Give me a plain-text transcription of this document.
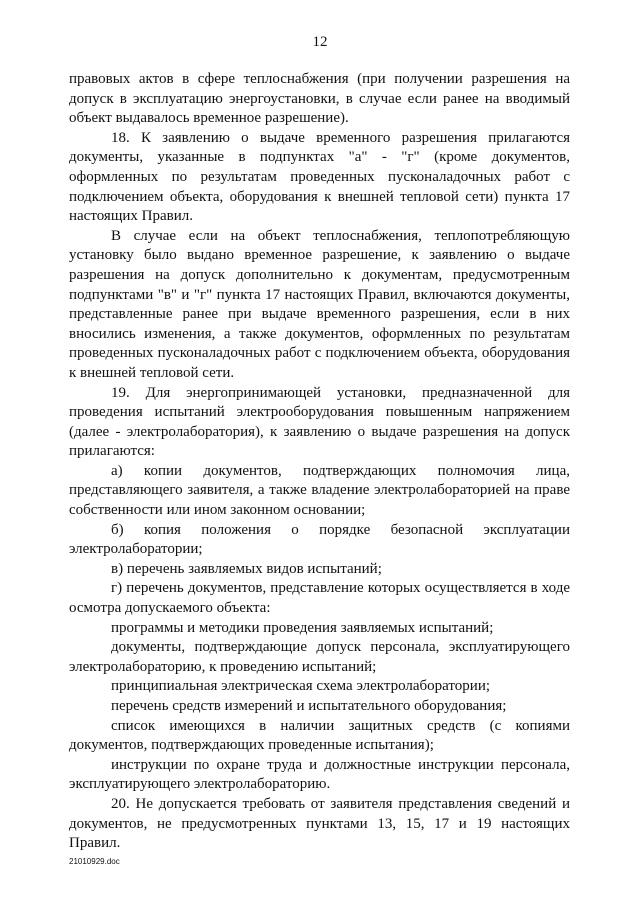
12

правовых актов в сфере теплоснабжения (при получении разрешения на допуск в эксплуатацию энергоустановки, в случае если ранее на вводимый объект выдавалось временное разрешение).

18. К заявлению о выдаче временного разрешения прилагаются документы, указанные в подпунктах "а" - "г" (кроме документов, оформленных по результатам проведенных пусконаладочных работ с подключением объекта, оборудования к внешней тепловой сети) пункта 17 настоящих Правил.

В случае если на объект теплоснабжения, теплопотребляющую установку было выдано временное разрешение, к заявлению о выдаче разрешения на допуск дополнительно к документам, предусмотренным подпунктами "в" и "г" пункта 17 настоящих Правил, включаются документы, представленные ранее при выдаче временного разрешения, если в них вносились изменения, а также документов, оформленных по результатам проведенных пусконаладочных работ с подключением объекта, оборудования к внешней тепловой сети.

19. Для энергопринимающей установки, предназначенной для проведения испытаний электрооборудования повышенным напряжением (далее - электролаборатория), к заявлению о выдаче разрешения на допуск прилагаются:

а) копии документов, подтверждающих полномочия лица, представляющего заявителя, а также владение электролабораторией на праве собственности или ином законном основании;

б) копия положения о порядке безопасной эксплуатации электролаборатории;

в) перечень заявляемых видов испытаний;

г) перечень документов, представление которых осуществляется в ходе осмотра допускаемого объекта:

программы и методики проведения заявляемых испытаний;

документы, подтверждающие допуск персонала, эксплуатирующего электролабораторию, к проведению испытаний;

принципиальная электрическая схема электролаборатории;

перечень средств измерений и испытательного оборудования;

список имеющихся в наличии защитных средств (с копиями документов, подтверждающих проведенные испытания);

инструкции по охране труда и должностные инструкции персонала, эксплуатирующего электролабораторию.

20. Не допускается требовать от заявителя представления сведений и документов, не предусмотренных пунктами 13, 15, 17 и 19 настоящих Правил.

21010929.doc
